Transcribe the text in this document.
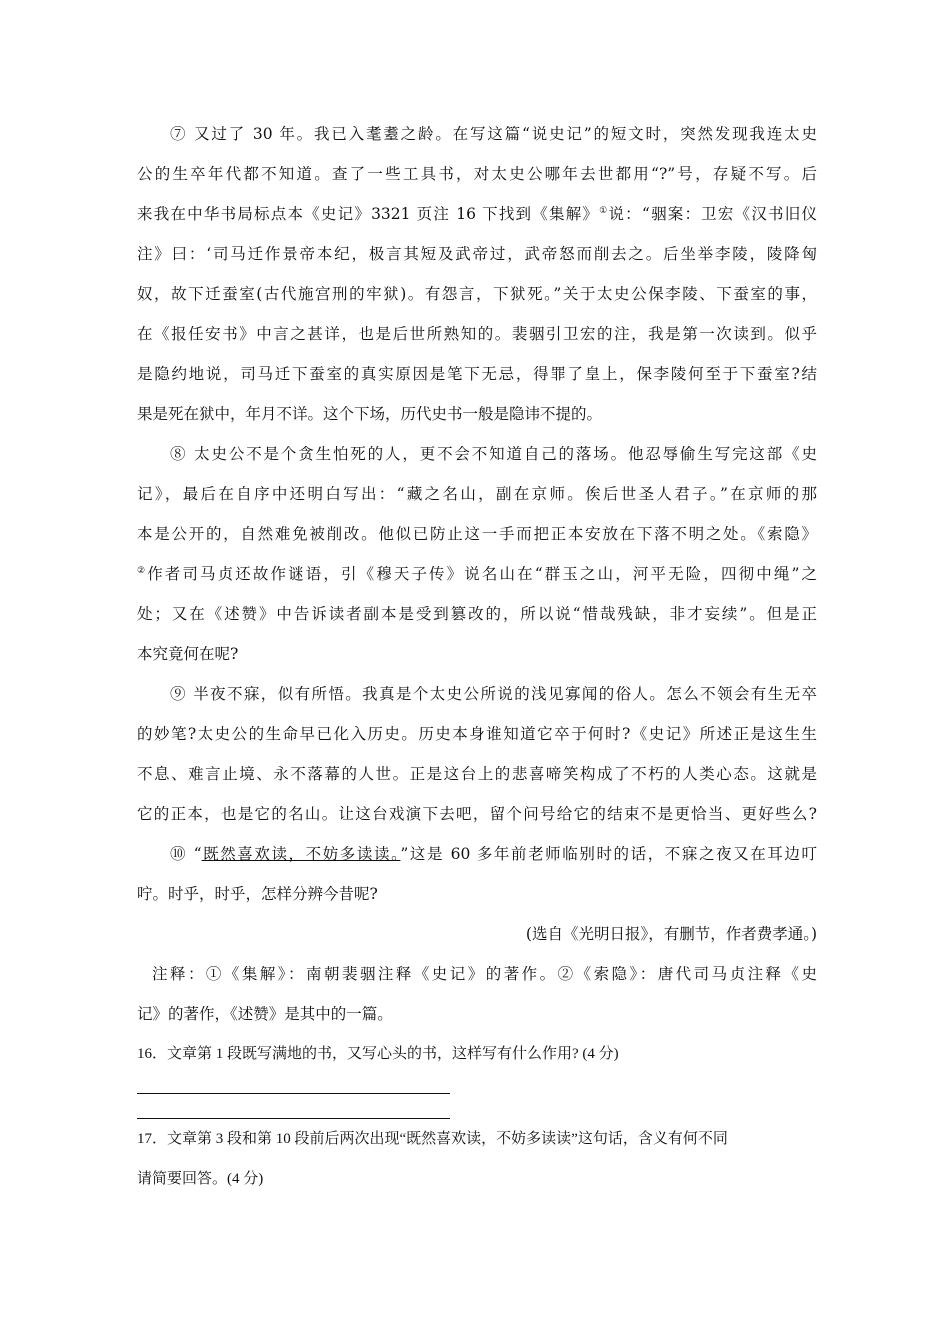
⑦ 又过了 30 年。我已入耄耋之龄。在写这篇“说史记”的短文时，突然发现我连太史
公的生卒年代都不知道。查了一些工具书，对太史公哪年去世都用“?”号，存疑不写。后
来我在中华书局标点本《史记》3321 页注 16 下找到《集解》①说：“骃案：卫宏《汉书旧仪
注》曰：‘司马迁作景帝本纪，极言其短及武帝过，武帝怒而削去之。后坐举李陵，陵降匈
奴，故下迁蚕室(古代施宫刑的牢狱)。有怨言，下狱死。”关于太史公保李陵、下蚕室的事，
在《报任安书》中言之甚详，也是后世所熟知的。裴骃引卫宏的注，我是第一次读到。似乎
是隐约地说，司马迁下蚕室的真实原因是笔下无忌，得罪了皇上，保李陵何至于下蚕室?结
果是死在狱中，年月不详。这个下场，历代史书一般是隐讳不提的。
⑧ 太史公不是个贪生怕死的人，更不会不知道自己的落场。他忍辱偷生写完这部《史
记》，最后在自序中还明白写出：“藏之名山，副在京师。俟后世圣人君子。”在京师的那
本是公开的，自然难免被削改。他似已防止这一手而把正本安放在下落不明之处。《索隐》
②作者司马贞还故作谜语，引《穆天子传》说名山在“群玉之山，河平无险，四彻中绳”之
处；又在《述赞》中告诉读者副本是受到篡改的，所以说“惜哉残缺，非才妄续”。但是正
本究竟何在呢?
⑨ 半夜不寐，似有所悟。我真是个太史公所说的浅见寡闻的俗人。怎么不领会有生无卒
的妙笔?太史公的生命早已化入历史。历史本身谁知道它卒于何时?《史记》所述正是这生生
不息、难言止境、永不落幕的人世。正是这台上的悲喜啼笑构成了不朽的人类心态。这就是
它的正本，也是它的名山。让这台戏演下去吧，留个问号给它的结束不是更恰当、更好些么?
⑩ “既然喜欢读，不妨多读读。”这是 60 多年前老师临别时的话，不寐之夜又在耳边叮
咛。时乎，时乎，怎样分辨今昔呢?
(选自《光明日报》，有删节，作者费孝通。)
注释：①《集解》：南朝裴骃注释《史记》的著作。②《索隐》：唐代司马贞注释《史
记》的著作，《述赞》是其中的一篇。
16．文章第 1 段既写满地的书，又写心头的书，这样写有什么作用? (4 分)
17．文章第 3 段和第 10 段前后两次出现“既然喜欢读，不妨多读读”这句话，含义有何不同
请简要回答。(4 分)
